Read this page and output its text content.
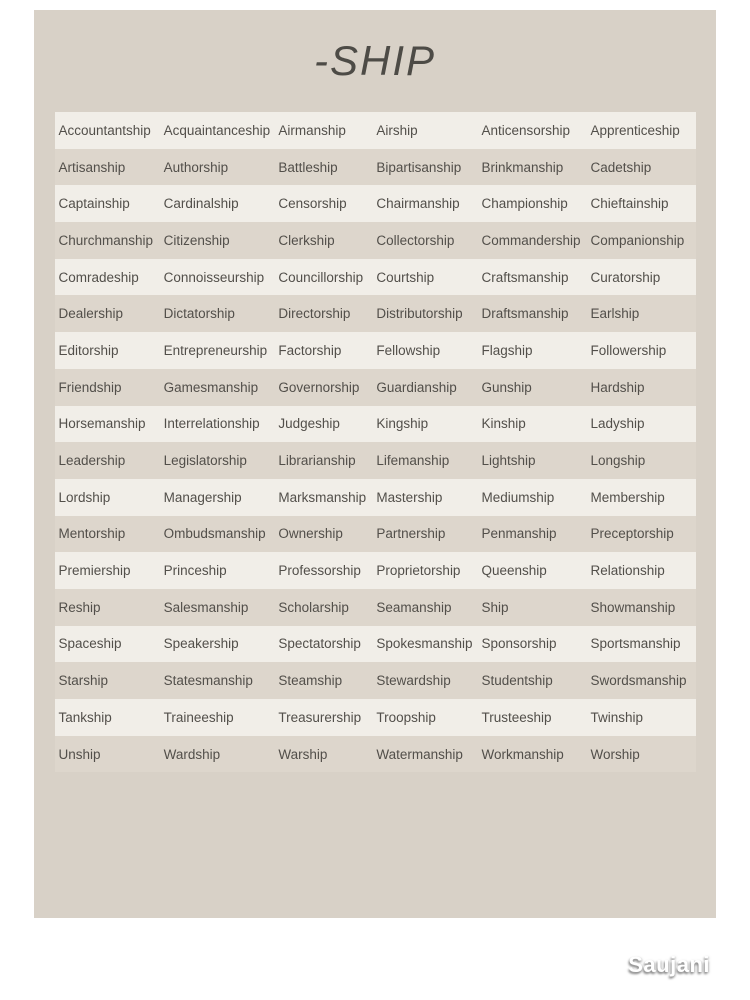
-SHIP
Accountantship Acquaintanceship Airmanship	Airship	Anticensorship	Apprenticeship
Artisanship	Authorship	Battleship	Bipartisanship	Brinkmanship	Cadetship
Captainship	Cardinalship	Censorship	Chairmanship	Championship	Chieftainship
Churchmanship Citizenship	Clerkship	Collectorship	Commandership Companionship
Comradeship	Connoisseurship	Councillorship Courtship	Craftsmanship	Curatorship
Dealership	Dictatorship	Directorship	Distributorship	Draftsmanship	Earlship
Editorship	Entrepreneurship Factorship	Fellowship	Flagship	Followership
Friendship	Gamesmanship	Governorship	Guardianship	Gunship	Hardship
Horsemanship	Interrelationship	Judgeship	Kingship	Kinship	Ladyship
Leadership	Legislatorship	Librarianship	Lifemanship	Lightship	Longship
Lordship	Managership	Marksmanship Mastership	Mediumship	Membership
Mentorship	Ombudsmanship Ownership	Partnership	Penmanship	Preceptorship
Premiership	Princeship	Professorship	Proprietorship	Queenship	Relationship
Reship	Salesmanship	Scholarship	Seamanship	Ship	Showmanship
Spaceship	Speakership	Spectatorship	Spokesmanship Sponsorship	Sportsmanship
Starship	Statesmanship	Steamship	Stewardship	Studentship	Swordsmanship
Tankship	Traineeship	Treasurership	Troopship	Trusteeship	Twinship
Unship	Wardship	Warship	Watermanship	Workmanship	Worship
Saujani
